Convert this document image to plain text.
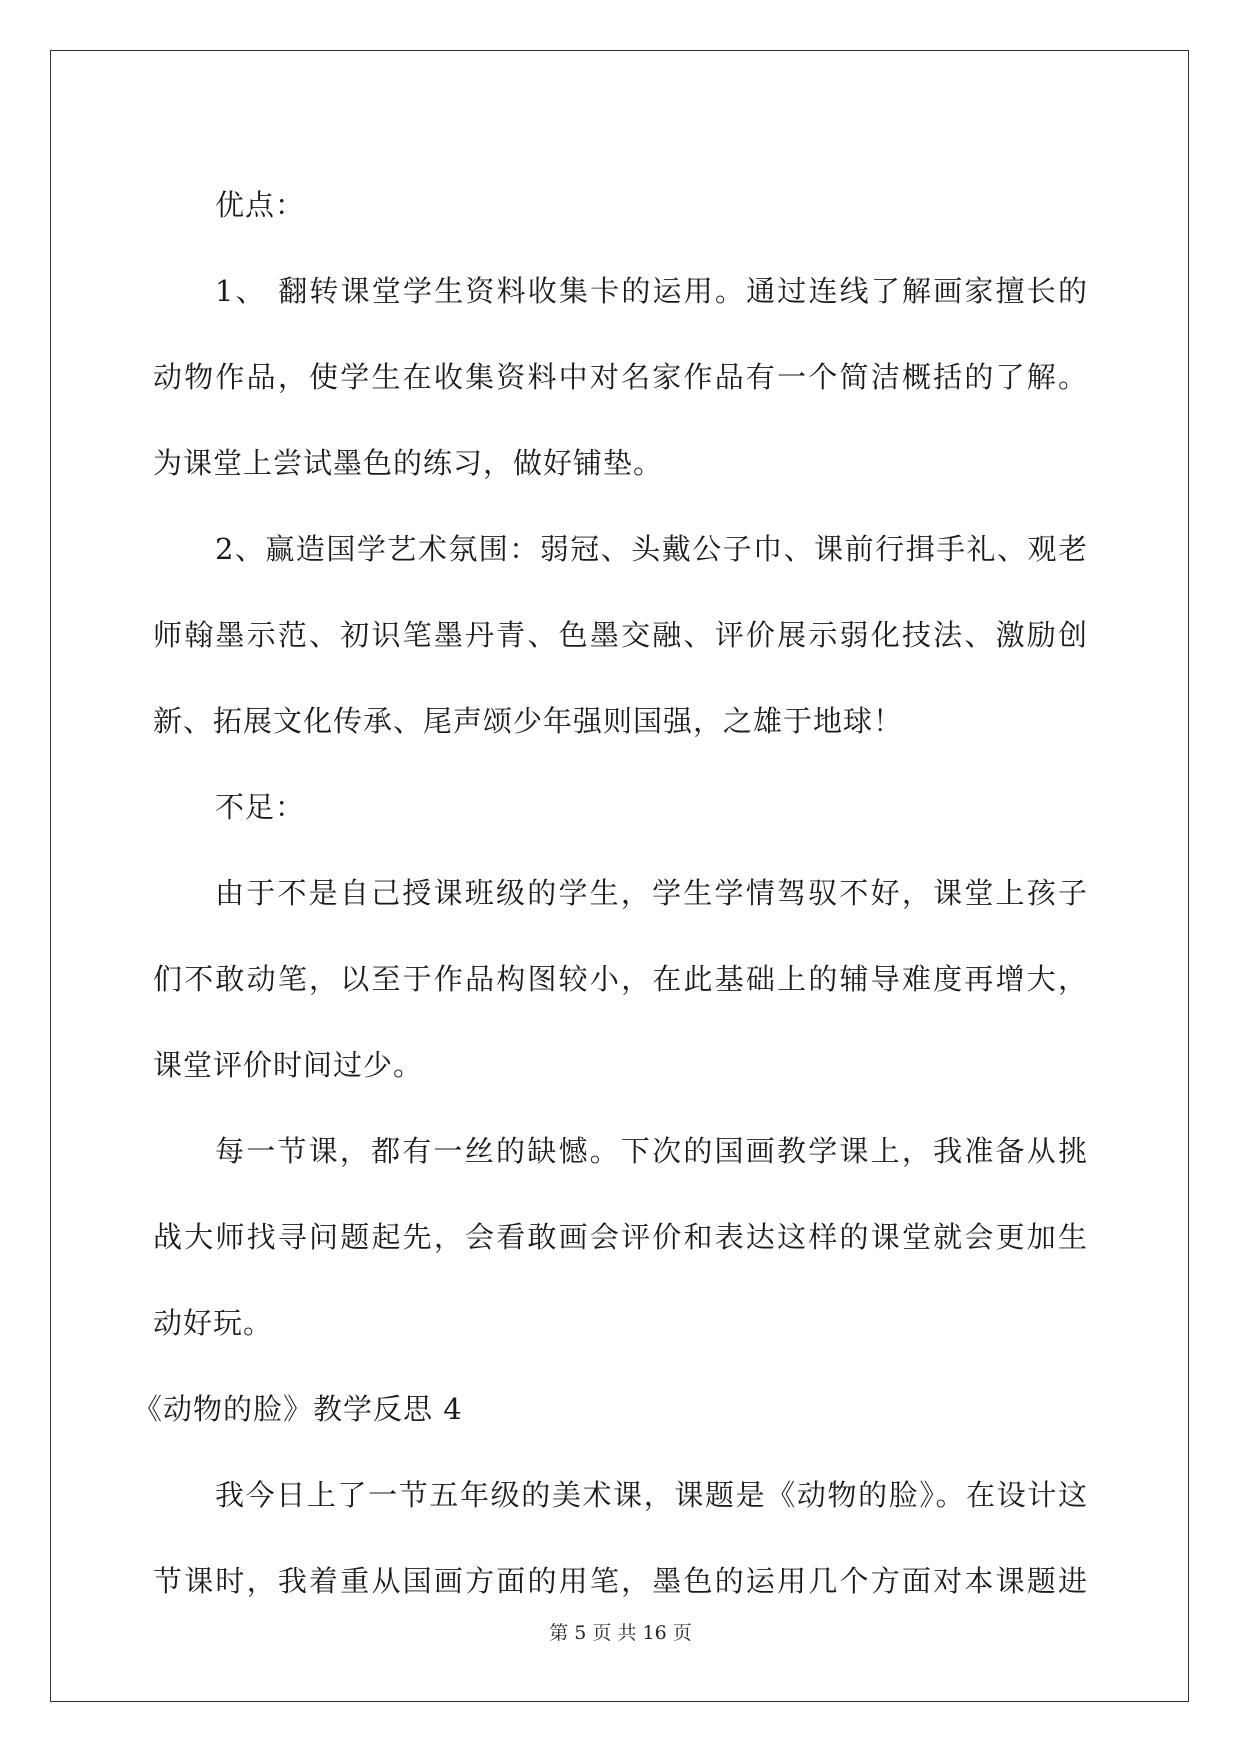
优点：

1、 翻转课堂学生资料收集卡的运用。通过连线了解画家擅长的
动物作品，使学生在收集资料中对名家作品有一个简洁概括的了解。
为课堂上尝试墨色的练习，做好铺垫。

2、赢造国学艺术氛围：弱冠、头戴公子巾、课前行揖手礼、观老
师翰墨示范、初识笔墨丹青、色墨交融、评价展示弱化技法、激励创
新、拓展文化传承、尾声颂少年强则国强，之雄于地球！

不足：

由于不是自己授课班级的学生，学生学情驾驭不好，课堂上孩子
们不敢动笔，以至于作品构图较小，在此基础上的辅导难度再增大，
课堂评价时间过少。

每一节课，都有一丝的缺憾。下次的国画教学课上，我准备从挑
战大师找寻问题起先，会看敢画会评价和表达这样的课堂就会更加生
动好玩。

《动物的脸》教学反思 4

我今日上了一节五年级的美术课，课题是《动物的脸》。在设计这
节课时，我着重从国画方面的用笔，墨色的运用几个方面对本课题进

第 5 页 共 16 页
